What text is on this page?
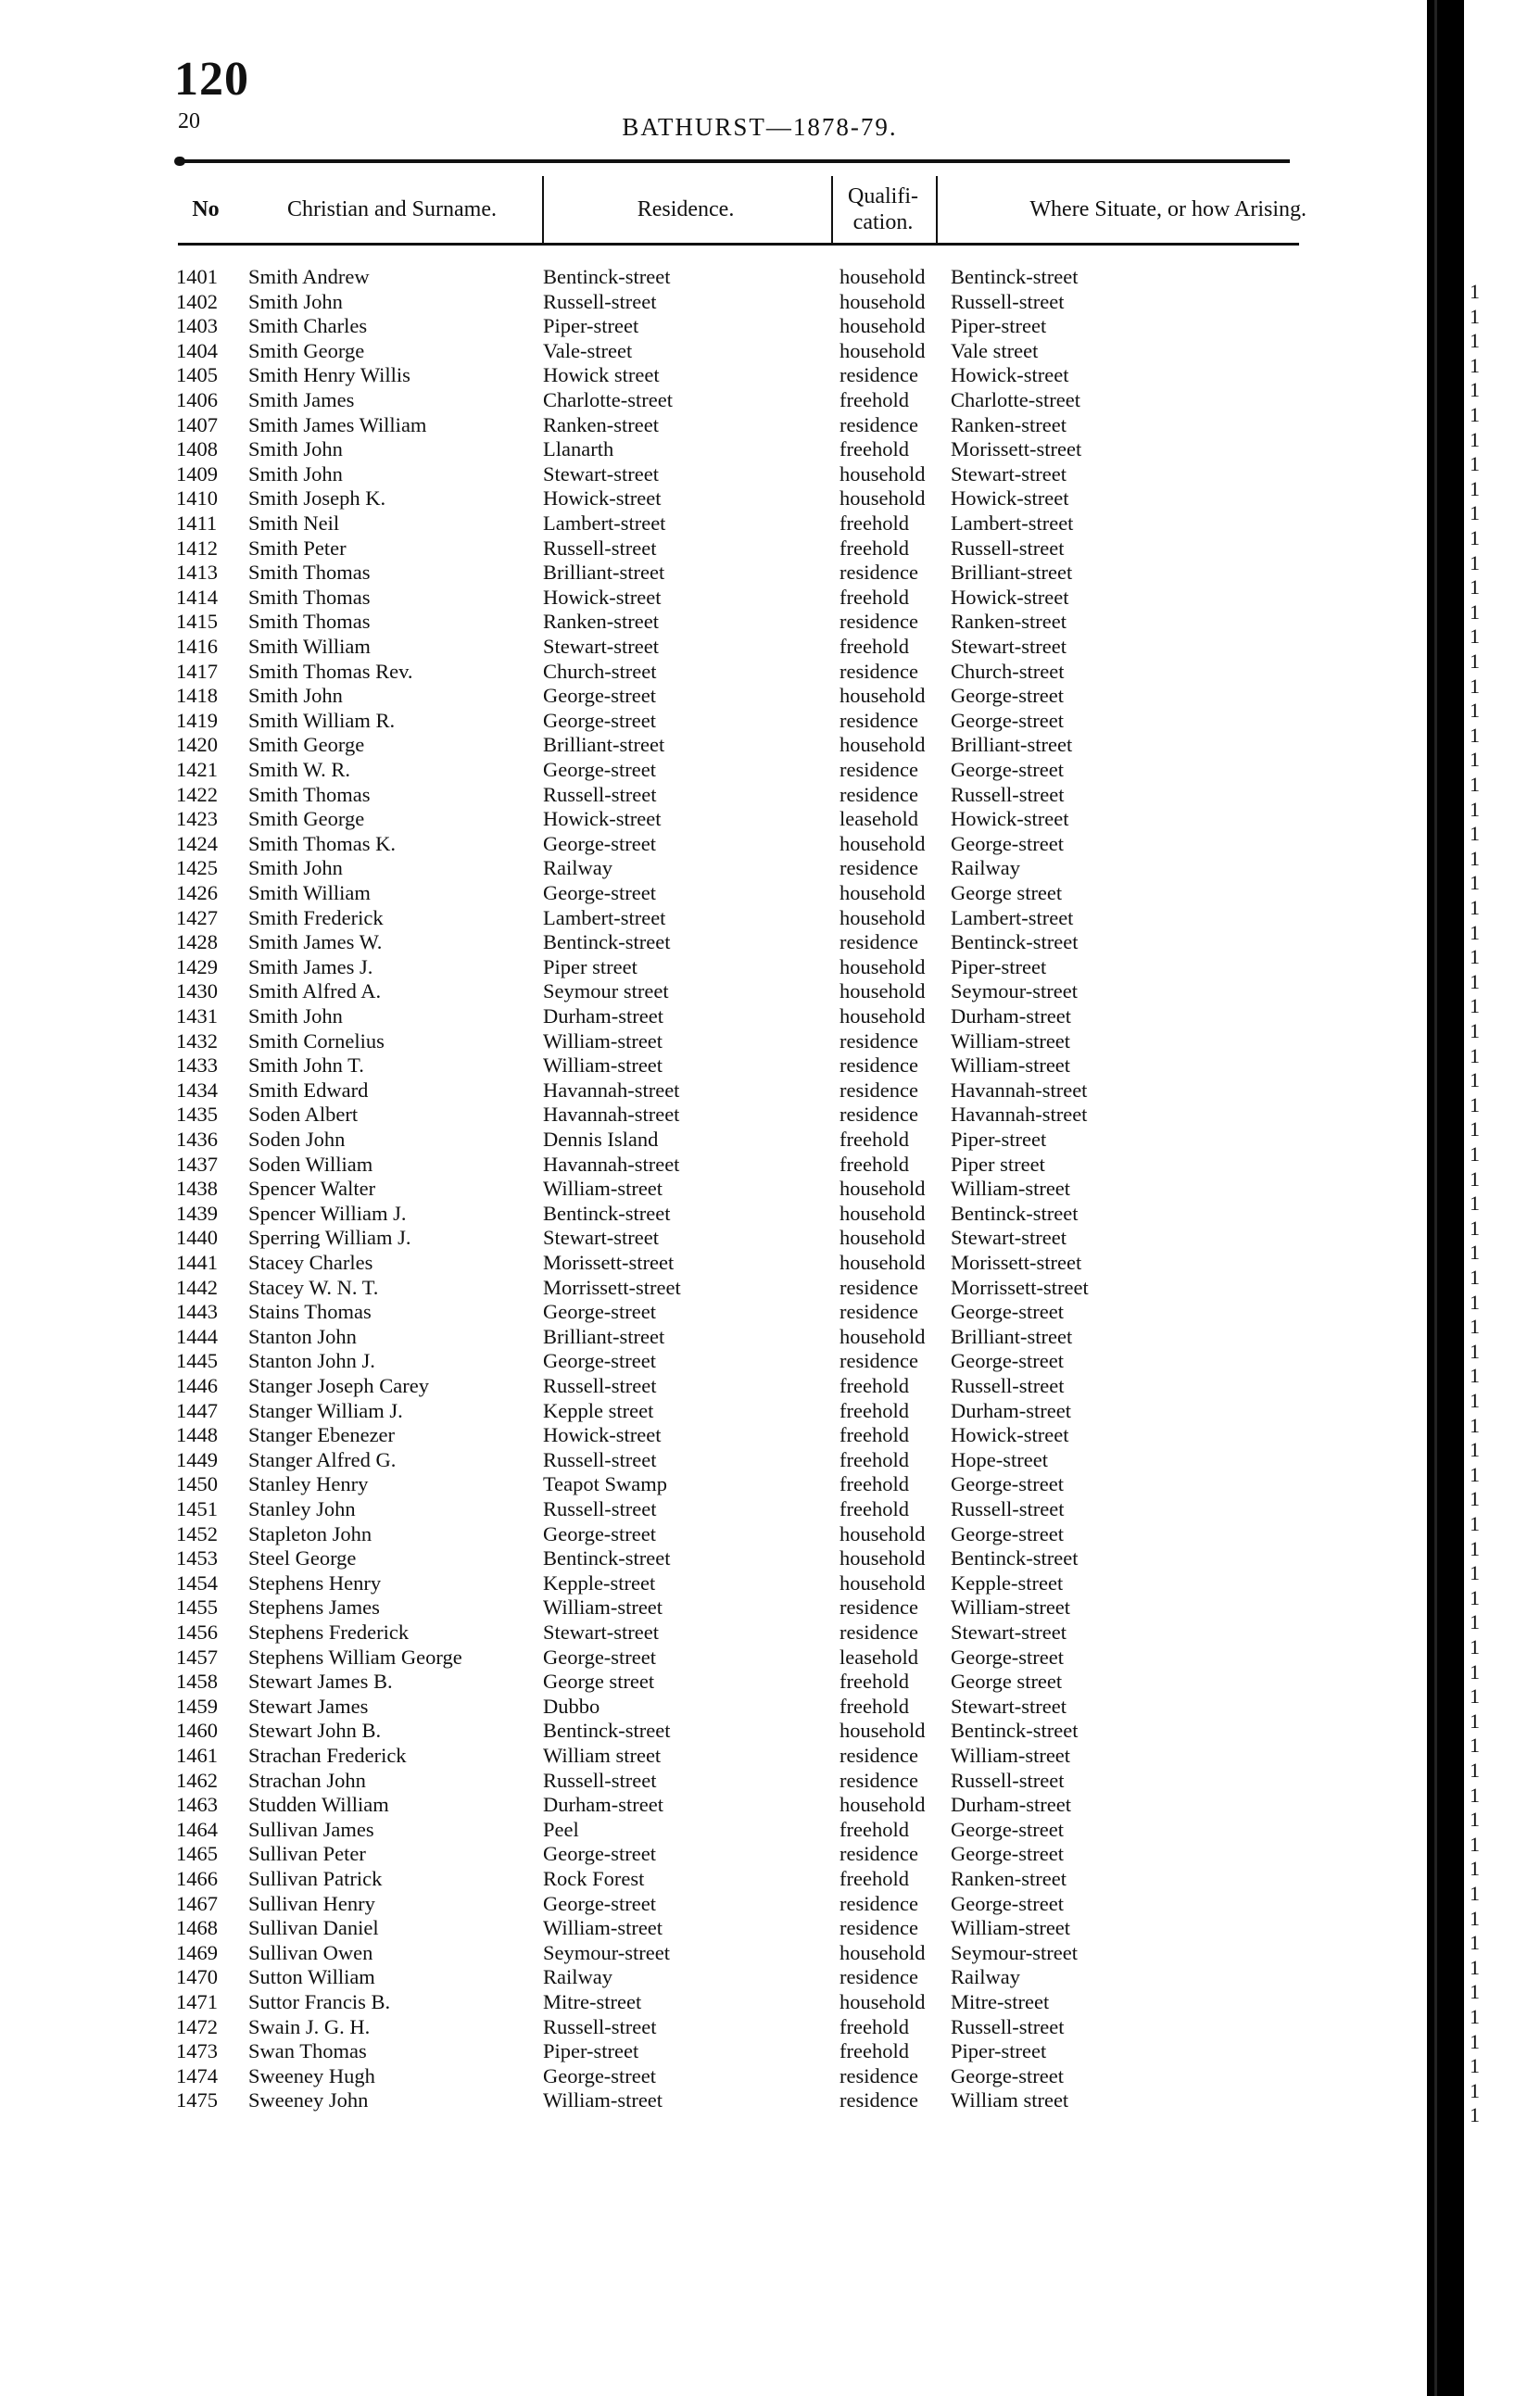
120
20	BATHURST—1878-79.
No	Christian and Surname.	Residence.
Qualifi-
cation.
Where Situate, or how Arising.
1401	Smith Andrew	Bentinck-street	household Bentinck-street
1402	Smith John	Russell-street	household Russell-street
1403	Smith Charles	Piper-street	household Piper-street
1404	Smith George	Vale-street	household Vale street
1405	Smith Henry Willis	Howick street	residence Howick-street
1406	Smith James	Charlotte-street	freehold Charlotte-street
1407	Smith James William	Ranken-street	residence Ranken-street
1408	Smith John	Llanarth	freehold Morissett-street
1409	Smith John	Stewart-street	household Stewart-street
1410	Smith Joseph K.	Howick-street	household Howick-street
1411	Smith Neil	Lambert-street	freehold Lambert-street
1412	Smith Peter	Russell-street	freehold Russell-street
1413	Smith Thomas	Brilliant-street	residence Brilliant-street
1414	Smith Thomas	Howick-street	freehold Howick-street
1415	Smith Thomas	Ranken-street	residence Ranken-street
1416	Smith William	Stewart-street	freehold Stewart-street
1417	Smith Thomas Rev.	Church-street	residence Church-street
1418	Smith John	George-street	household George-street
1419	Smith William R.	George-street	residence George-street
1420	Smith George	Brilliant-street	household Brilliant-street
1421	Smith W. R.	George-street	residence George-street
1422	Smith Thomas	Russell-street	residence Russell-street
1423	Smith George	Howick-street	leasehold Howick-street
1424	Smith Thomas K.	George-street	household George-street
1425	Smith John	Railway	residence Railway
1426	Smith William	George-street	household George street
1427	Smith Frederick	Lambert-street	household Lambert-street
1428	Smith James W.	Bentinck-street	residence Bentinck-street
1429	Smith James J.	Piper street	household Piper-street
1430	Smith Alfred A.	Seymour street	household Seymour-street
1431	Smith John	Durham-street	household Durham-street
1432	Smith Cornelius	William-street	residence William-street
1433	Smith John T.	William-street	residence William-street
1434	Smith Edward	Havannah-street	residence Havannah-street
1435	Soden Albert	Havannah-street	residence Havannah-street
1436	Soden John	Dennis Island	freehold Piper-street
1437	Soden William	Havannah-street	freehold Piper street
1438	Spencer Walter	William-street	household William-street
1439	Spencer William J.	Bentinck-street	household Bentinck-street
1440	Sperring William J.	Stewart-street	household Stewart-street
1441	Stacey Charles	Morissett-street	household Morissett-street
1442	Stacey W. N. T.	Morrissett-street	residence Morrissett-street
1443	Stains Thomas	George-street	residence George-street
1444	Stanton John	Brilliant-street	household Brilliant-street
1445	Stanton John J.	George-street	residence George-street
1446	Stanger Joseph Carey	Russell-street	freehold Russell-street
1447	Stanger William J.	Kepple street	freehold Durham-street
1448	Stanger Ebenezer	Howick-street	freehold Howick-street
1449	Stanger Alfred G.	Russell-street	freehold Hope-street
1450	Stanley Henry	Teapot Swamp	freehold George-street
1451	Stanley John	Russell-street	freehold Russell-street
1452	Stapleton John	George-street	household George-street
1453	Steel George	Bentinck-street	household Bentinck-street
1454	Stephens Henry	Kepple-street	household Kepple-street
1455	Stephens James	William-street	residence William-street
1456	Stephens Frederick	Stewart-street	residence Stewart-street
1457	Stephens William George	George-street	leasehold George-street
1458	Stewart James B.	George street	freehold George street
1459	Stewart James	Dubbo	freehold Stewart-street
1460	Stewart John B.	Bentinck-street	household Bentinck-street
1461	Strachan Frederick	William street	residence William-street
1462	Strachan John	Russell-street	residence Russell-street
1463	Studden William	Durham-street	household Durham-street
1464	Sullivan James	Peel	freehold George-street
1465	Sullivan Peter	George-street	residence George-street
1466	Sullivan Patrick	Rock Forest	freehold Ranken-street
1467	Sullivan Henry	George-street	residence George-street
1468	Sullivan Daniel	William-street	residence William-street
1469	Sullivan Owen	Seymour-street	household Seymour-street
1470	Sutton William	Railway	residence Railway
1471	Suttor Francis B.	Mitre-street	household Mitre-street
1472	Swain J. G. H.	Russell-street	freehold Russell-street
1473	Swan Thomas	Piper-street	freehold Piper-street
1474	Sweeney Hugh	George-street	residence George-street
1475	Sweeney John	William-street	residence William street
1
1
1
1
1
1
1
1
1
1
1
1
1
1
1
1
1
1
1
1
1
1
1
1
1
1
1
1
1
1
1
1
1
1
1
1
1
1
1
1
1
1
1
1
1
1
1
1
1
1
1
1
1
1
1
1
1
1
1
1
1
1
1
1
1
1
1
1
1
1
1
1
1
1
1
